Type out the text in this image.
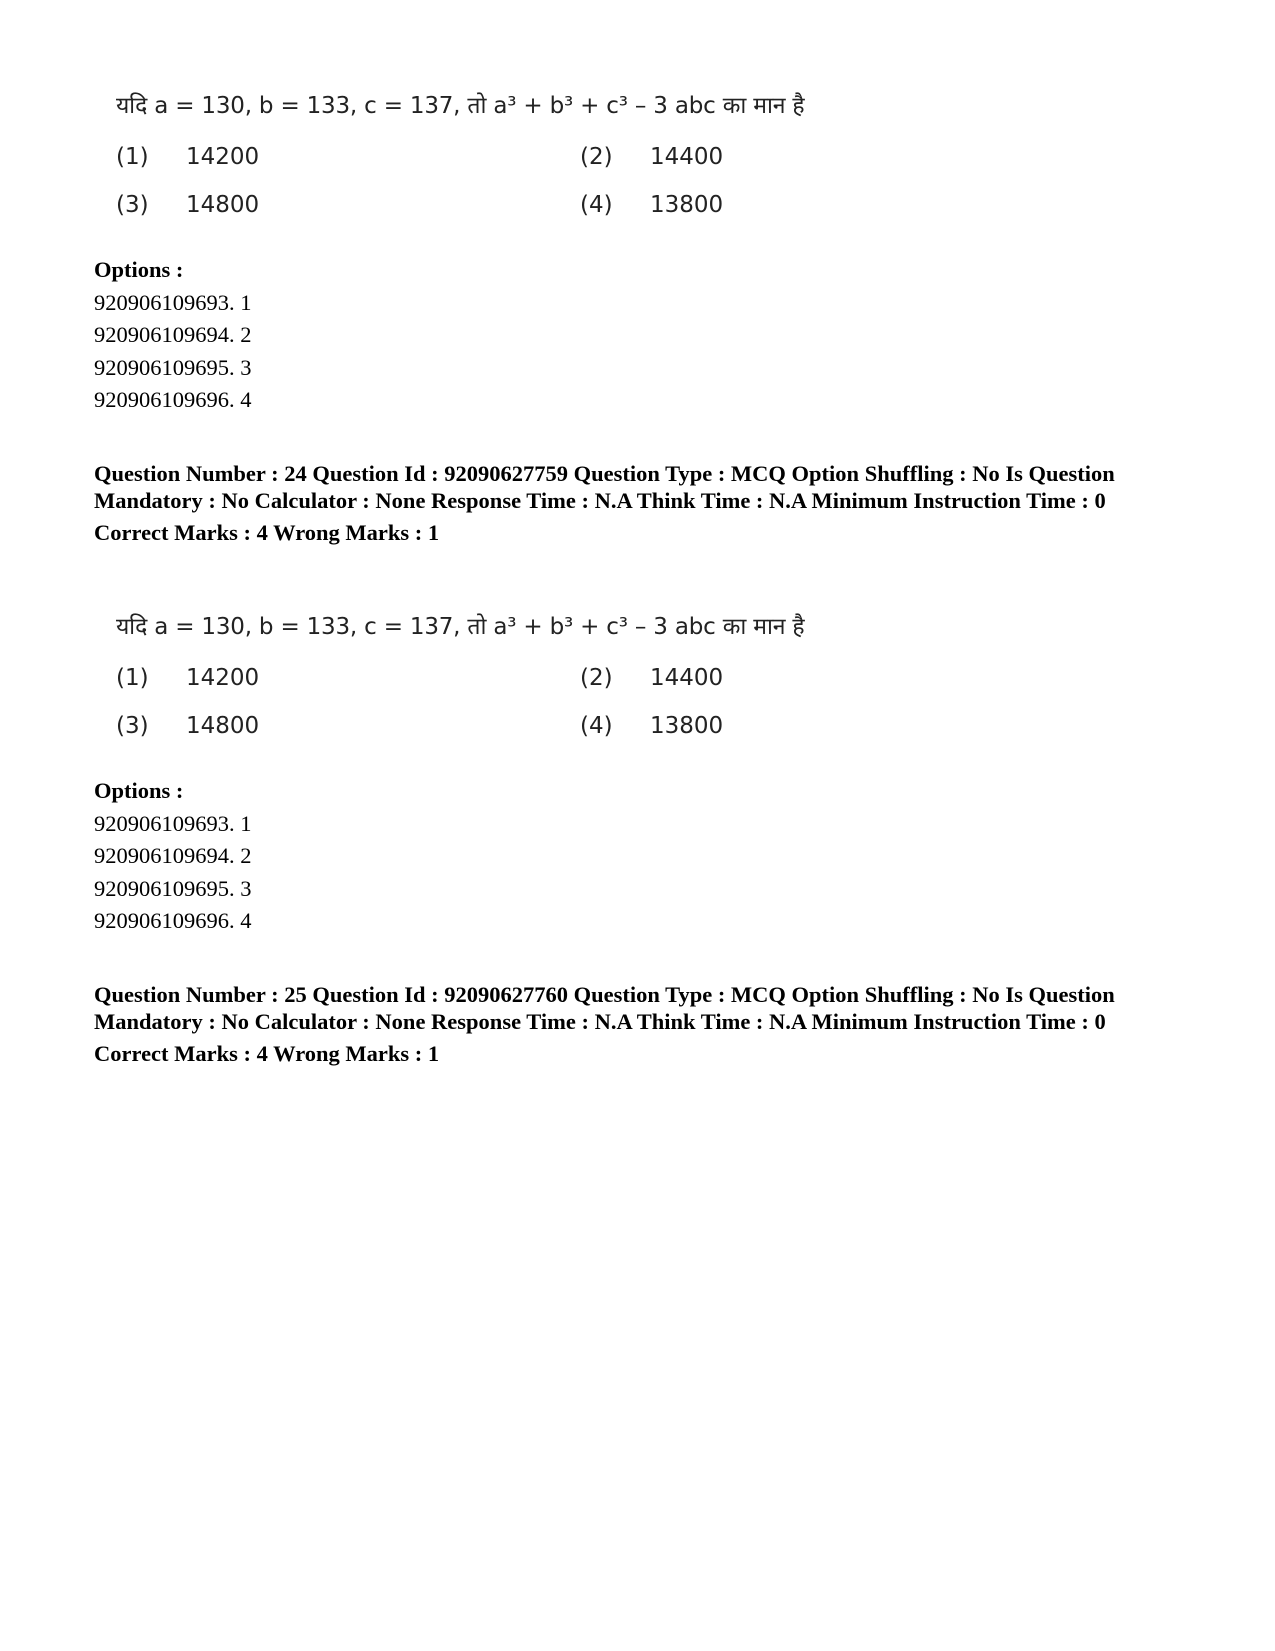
यदि a = 130, b = 133, c = 137, तो a³ + b³ + c³ – 3 abc का मान है
(1) 14200	(2) 14400
(3) 14800	(4) 13800
Options :
920906109693. 1
920906109694. 2
920906109695. 3
920906109696. 4
Question Number : 24 Question Id : 92090627759 Question Type : MCQ Option Shuffling : No Is Question Mandatory : No Calculator : None Response Time : N.A Think Time : N.A Minimum Instruction Time : 0
Correct Marks : 4 Wrong Marks : 1
यदि a = 130, b = 133, c = 137, तो a³ + b³ + c³ – 3 abc का मान है
(1) 14200	(2) 14400
(3) 14800	(4) 13800
Options :
920906109693. 1
920906109694. 2
920906109695. 3
920906109696. 4
Question Number : 25 Question Id : 92090627760 Question Type : MCQ Option Shuffling : No Is Question Mandatory : No Calculator : None Response Time : N.A Think Time : N.A Minimum Instruction Time : 0
Correct Marks : 4 Wrong Marks : 1
